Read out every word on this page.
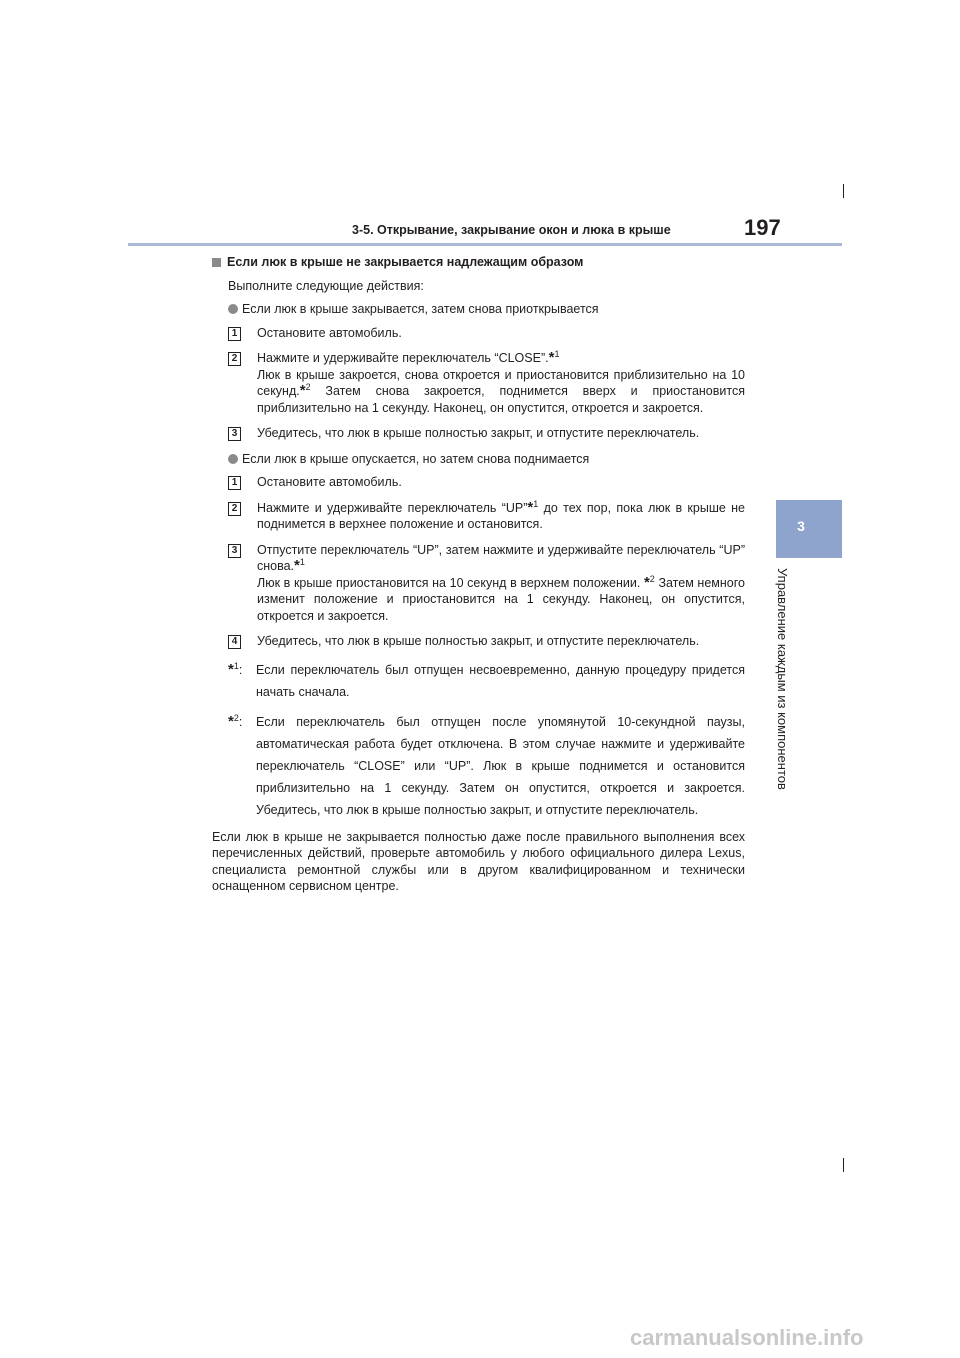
3-5. Открывание, закрывание окон и люка в крыше	197
3
Управление каждым из компонентов
Если люк в крыше не закрывается надлежащим образом
Выполните следующие действия:
Если люк в крыше закрывается, затем снова приоткрывается
1 Остановите автомобиль.
2 Нажмите и удерживайте переключатель “CLOSE”.*$^1$
Люк в крыше закроется, снова откроется и приостановится приблизительно на 10 секунд.*$^2$ Затем снова закроется, поднимется вверх и приостановится приблизительно на 1 секунду. Наконец, он опустится, откроется и закроется.
3 Убедитесь, что люк в крыше полностью закрыт, и отпустите переключатель.
Если люк в крыше опускается, но затем снова поднимается
1 Остановите автомобиль.
2 Нажмите и удерживайте переключатель “UP”*$^1$ до тех пор, пока люк в крыше не поднимется в верхнее положение и остановится.
3 Отпустите переключатель “UP”, затем нажмите и удерживайте переключатель “UP” снова.*$^1$
Люк в крыше приостановится на 10 секунд в верхнем положении. *$^2$ Затем немного изменит положение и приостановится на 1 секунду. Наконец, он опустится, откроется и закроется.
4 Убедитесь, что люк в крыше полностью закрыт, и отпустите переключатель.
*$^1$:	Если переключатель был отпущен несвоевременно, данную процедуру придется начать сначала.
*$^2$:	Если переключатель был отпущен после упомянутой 10-секундной паузы, автоматическая работа будет отключена. В этом случае нажмите и удерживайте переключатель “CLOSE” или “UP”. Люк в крыше поднимется и остановится приблизительно на 1 секунду. Затем он опустится, откроется и закроется. Убедитесь, что люк в крыше полностью закрыт, и отпустите переключатель.
Если люк в крыше не закрывается полностью даже после правильного выполнения всех перечисленных действий, проверьте автомобиль у любого официального дилера Lexus, специалиста ремонтной службы или в другом квалифицированном и технически оснащенном сервисном центре.
carmanualsonline.info
